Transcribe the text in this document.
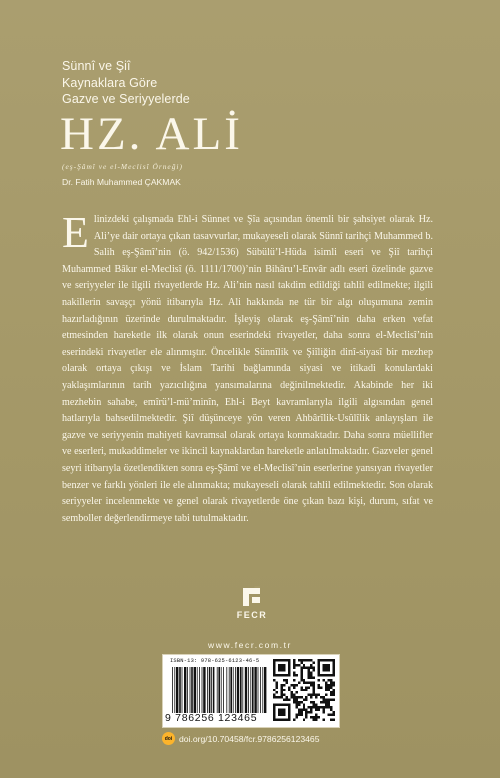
Sünnî ve Şiî
Kaynaklara Göre
Gazve ve Seriyyelerde
HZ. ALİ
(eş-Şâmî ve el-Meclisî Örneği)
Dr. Fatih Muhammed ÇAKMAK

Elinizdeki çalışmada Ehl-i Sünnet ve Şîa açısından önemli bir şahsiyet olarak Hz. Ali’ye dair ortaya çıkan tasavvurlar, mukayeseli olarak Sünnî tarihçi Muhammed b. Salih eş-Şâmî’nin (ö. 942/1536) Sübülü’l-Hüda isimli eseri ve Şiî tarihçi Muhammed Bâkır el-Meclisî (ö. 1111/1700)’nin Bihâru’l-Envâr adlı eseri özelinde gazve ve seriyyeler ile ilgili rivayetlerde Hz. Ali’nin nasıl takdim edildiği tahlil edilmekte; ilgili nakillerin savaşçı yönü itibarıyla Hz. Ali hakkında ne tür bir algı oluşumuna zemin hazırladığının üzerinde durulmaktadır. İşleyiş olarak eş-Şâmî’nin daha erken vefat etmesinden hareketle ilk olarak onun eserindeki rivayetler, daha sonra el-Meclisî’nin eserindeki rivayetler ele alınmıştır. Öncelikle Sünnîlik ve Şiîliğin dinî-siyasî bir mezhep olarak ortaya çıkışı ve İslam Tarihi bağlamında siyasi ve itikadi konulardaki yaklaşımlarının tarih yazıcılığına yansımalarına değinilmektedir. Akabinde her iki mezhebin sahabe, emîrü’l-mü’minîn, Ehl-i Beyt kavramlarıyla ilgili algısından genel hatlarıyla bahsedilmektedir. Şiî düşünceye yön veren Ahbârîlik-Usûlîlik anlayışları ile gazve ve seriyyenin mahiyeti kavramsal olarak ortaya konmaktadır. Daha sonra müellifler ve eserleri, mukaddimeler ve ikincil kaynaklardan hareketle anlatılmaktadır. Gazveler genel seyri itibarıyla özetlendikten sonra eş-Şâmî ve el-Meclisî’nin eserlerine yansıyan rivayetler benzer ve farklı yönleri ile ele alınmakta; mukayeseli olarak tahlil edilmektedir. Son olarak seriyyeler incelenmekte ve genel olarak rivayetlerde öne çıkan bazı kişi, durum, sıfat ve semboller değerlendirmeye tabi tutulmaktadır.

FECR
www.fecr.com.tr
ISBN-13: 978-625-6123-46-5
9 786256 123465
doi doi.org/10.70458/fcr.9786256123465
